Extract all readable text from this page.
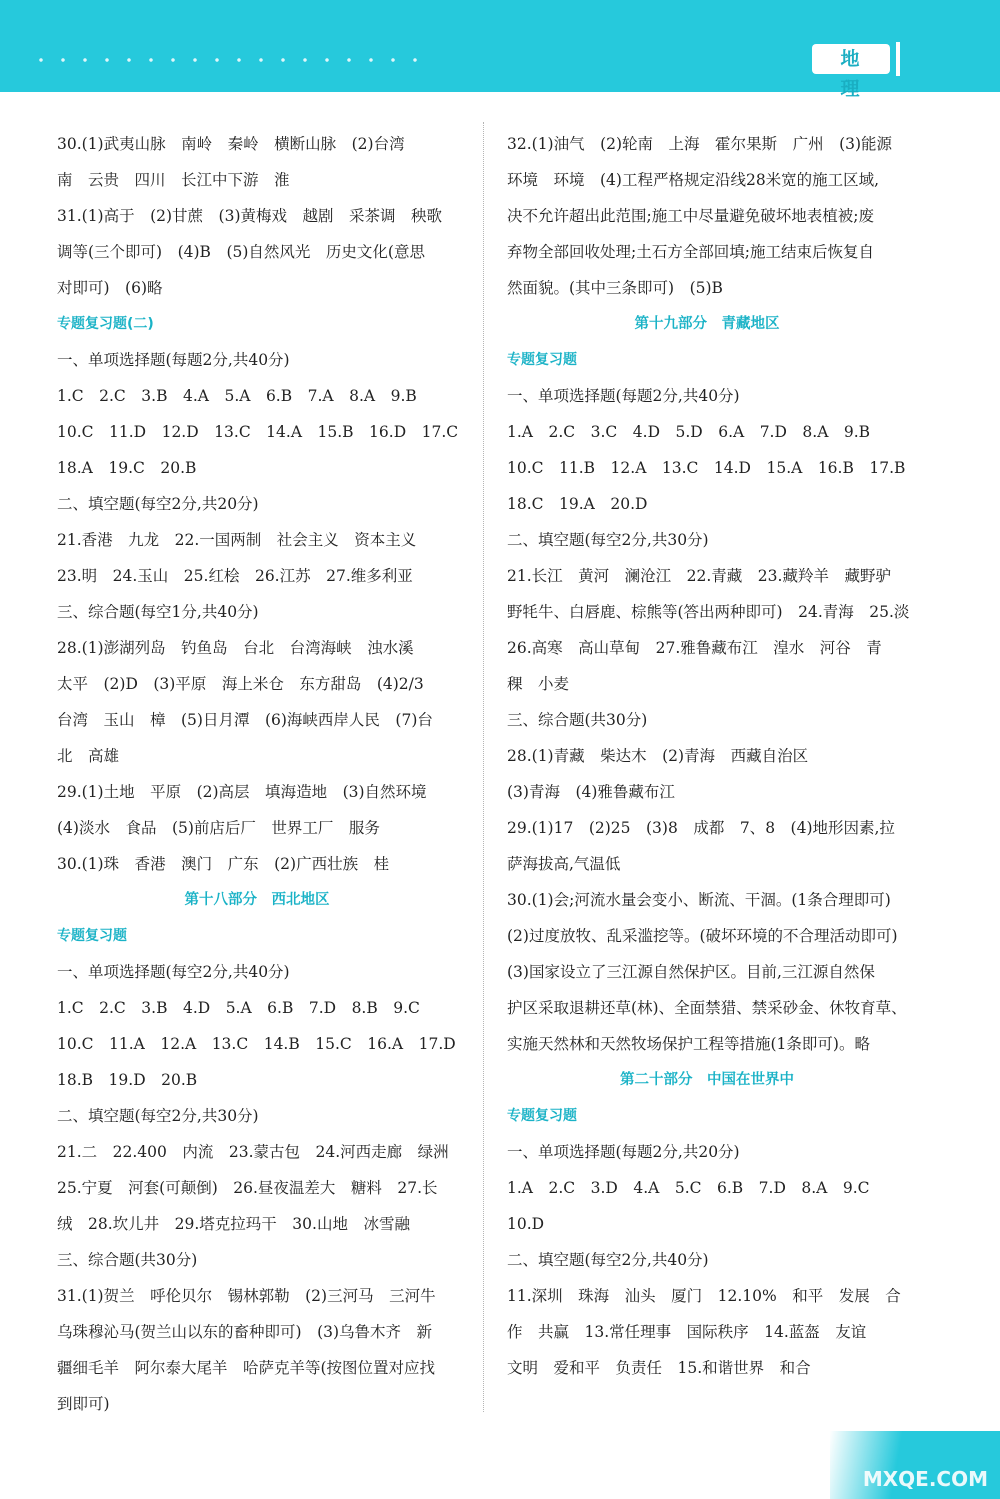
地 理
30.(1)武夷山脉　南岭　秦岭　横断山脉　(2)台湾
南　云贵　四川　长江中下游　淮
31.(1)高于　(2)甘蔗　(3)黄梅戏　越剧　采茶调　秧歌
调等(三个即可)　(4)B　(5)自然风光　历史文化(意思
对即可)　(6)略
专题复习题(二)
一、单项选择题(每题2分,共40分)
1.C　2.C　3.B　4.A　5.A　6.B　7.A　8.A　9.B
10.C　11.D　12.D　13.C　14.A　15.B　16.D　17.C
18.A　19.C　20.B
二、填空题(每空2分,共20分)
21.香港　九龙　22.一国两制　社会主义　资本主义
23.明　24.玉山　25.红桧　26.江苏　27.维多利亚
三、综合题(每空1分,共40分)
28.(1)澎湖列岛　钓鱼岛　台北　台湾海峡　浊水溪
太平　(2)D　(3)平原　海上米仓　东方甜岛　(4)2/3
台湾　玉山　樟　(5)日月潭　(6)海峡西岸人民　(7)台
北　高雄
29.(1)土地　平原　(2)高层　填海造地　(3)自然环境
(4)淡水　食品　(5)前店后厂　世界工厂　服务
30.(1)珠　香港　澳门　广东　(2)广西壮族　桂
第十八部分　西北地区
专题复习题
一、单项选择题(每空2分,共40分)
1.C　2.C　3.B　4.D　5.A　6.B　7.D　8.B　9.C
10.C　11.A　12.A　13.C　14.B　15.C　16.A　17.D
18.B　19.D　20.B
二、填空题(每空2分,共30分)
21.二　22.400　内流　23.蒙古包　24.河西走廊　绿洲
25.宁夏　河套(可颠倒)　26.昼夜温差大　糖料　27.长
绒　28.坎儿井　29.塔克拉玛干　30.山地　冰雪融
三、综合题(共30分)
31.(1)贺兰　呼伦贝尔　锡林郭勒　(2)三河马　三河牛
乌珠穆沁马(贺兰山以东的畜种即可)　(3)乌鲁木齐　新
疆细毛羊　阿尔泰大尾羊　哈萨克羊等(按图位置对应找
到即可)
32.(1)油气　(2)轮南　上海　霍尔果斯　广州　(3)能源
环境　环境　(4)工程严格规定沿线28米宽的施工区域,
决不允许超出此范围;施工中尽量避免破坏地表植被;废
弃物全部回收处理;土石方全部回填;施工结束后恢复自
然面貌。(其中三条即可)　(5)B
第十九部分　青藏地区
专题复习题
一、单项选择题(每题2分,共40分)
1.A　2.C　3.C　4.D　5.D　6.A　7.D　8.A　9.B
10.C　11.B　12.A　13.C　14.D　15.A　16.B　17.B
18.C　19.A　20.D
二、填空题(每空2分,共30分)
21.长江　黄河　澜沧江　22.青藏　23.藏羚羊　藏野驴
野牦牛、白唇鹿、棕熊等(答出两种即可)　24.青海　25.淡
26.高寒　高山草甸　27.雅鲁藏布江　湟水　河谷　青
稞　小麦
三、综合题(共30分)
28.(1)青藏　柴达木　(2)青海　西藏自治区
(3)青海　(4)雅鲁藏布江
29.(1)17　(2)25　(3)8　成都　7、8　(4)地形因素,拉
萨海拔高,气温低
30.(1)会;河流水量会变小、断流、干涸。(1条合理即可)
(2)过度放牧、乱采滥挖等。(破坏环境的不合理活动即可)
(3)国家设立了三江源自然保护区。目前,三江源自然保
护区采取退耕还草(林)、全面禁猎、禁采砂金、休牧育草、
实施天然林和天然牧场保护工程等措施(1条即可)。略
第二十部分　中国在世界中
专题复习题
一、单项选择题(每题2分,共20分)
1.A　2.C　3.D　4.A　5.C　6.B　7.D　8.A　9.C
10.D
二、填空题(每空2分,共40分)
11.深圳　珠海　汕头　厦门　12.10%　和平　发展　合
作　共赢　13.常任理事　国际秩序　14.蓝盔　友谊
文明　爱和平　负责任　15.和谐世界　和合
MXQE.COM
